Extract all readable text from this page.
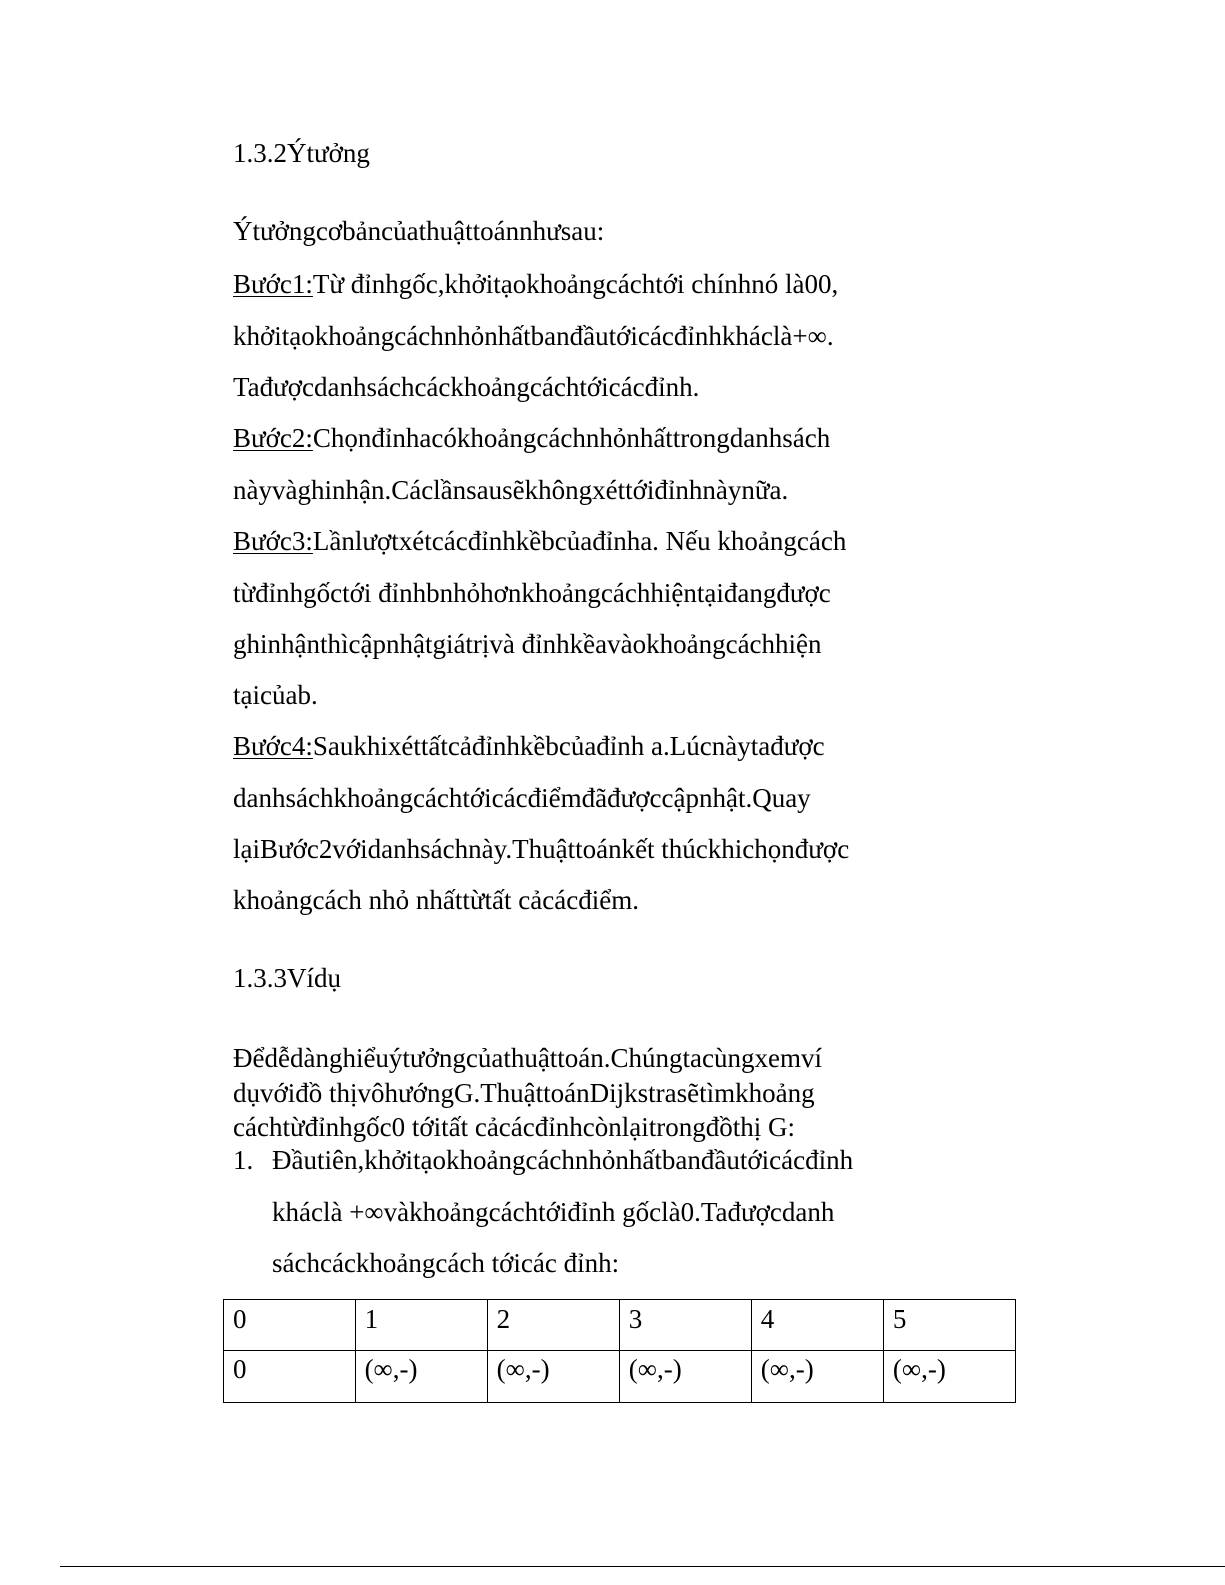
1.3.2Ýtưởng
Ýtưởngcơbảncủathuậttoánnhưsau:
Bước1:Từ đỉnhgốc,khởitạokhoảngcáchtới chínhnó là00,
khởitạokhoảngcáchnhỏnhấtbanđầutớicácđỉnhkháclà+∞.
Tađượcdanhsáchcáckhoảngcáchtớicácđỉnh.
Bước2:Chọnđỉnhacókhoảngcáchnhỏnhấttrongdanhsách
nàyvàghinhận.Cáclầnsausẽkhôngxéttớiđỉnhnàynữa.
Bước3:Lầnlượtxétcácđỉnhkềbcủađỉnha. Nếu khoảngcách
từđỉnhgốctới đỉnhbnhỏhơnkhoảngcáchhiệntạiđangđược
ghinhậnthìcậpnhậtgiátrịvà đỉnhkềavàokhoảngcáchhiện
tạicủab.
Bước4:Saukhixéttấtcảđỉnhkềbcủađỉnh a.Lúcnàytađược
danhsáchkhoảngcáchtớicácđiểmđãđượccậpnhật.Quay
lạiBước2vớidanhsáchnày.Thuậttoánkết thúckhichọnđược
khoảngcách nhỏ nhấttừtất cảcácđiểm.
1.3.3Vídụ
Đểdễdànghiểuýtưởngcủathuậttoán.Chúngtacùngxemví
dụvớiđồ thịvôhướngG.ThuậttoánDijkstrasẽtìmkhoảng
cáchtừđỉnhgốc0 tớitất cảcácđỉnhcònlạitrongđồthị G:
1. Đầutiên,khởitạokhoảngcáchnhỏnhấtbanđầutớicácđỉnh
kháclà +∞vàkhoảngcáchtớiđỉnh gốclà0.Tađượcdanh
sáchcáckhoảngcách tớicác đỉnh:
0	1	2	3	4	5
0	(∞,-)	(∞,-)	(∞,-)	(∞,-)	(∞,-)
